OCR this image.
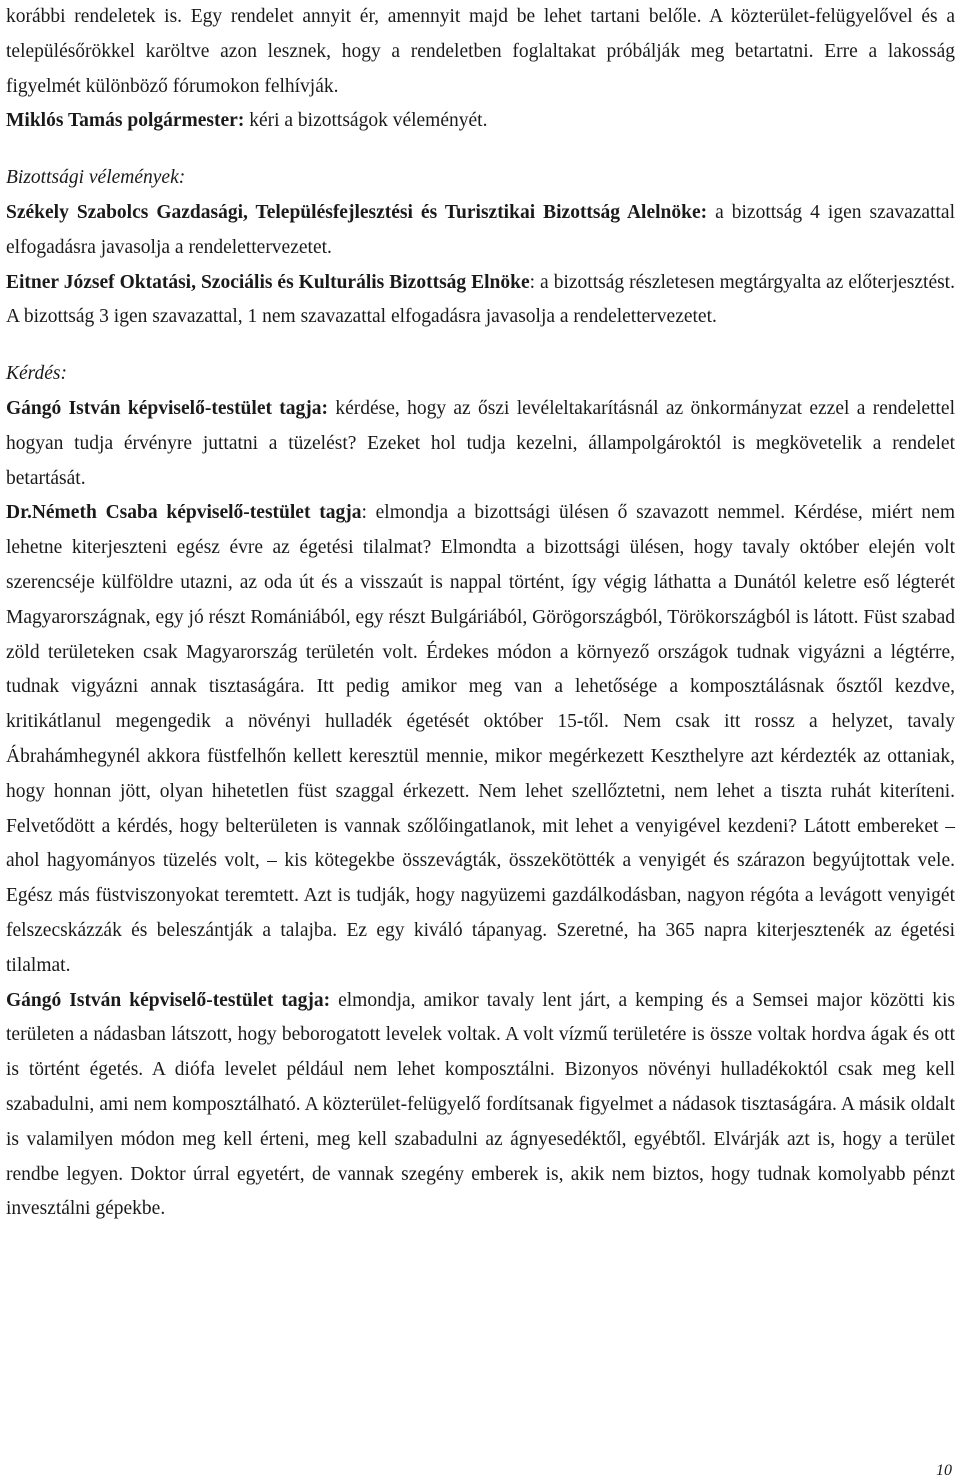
korábbi rendeletek is. Egy rendelet annyit ér, amennyit majd be lehet tartani belőle. A közterület-felügyelővel és a településőrökkel karöltve azon lesznek, hogy a rendeletben foglaltakat próbálják meg betartatni. Erre a lakosság figyelmét különböző fórumokon felhívják.

Miklós Tamás polgármester: kéri a bizottságok véleményét.

Bizottsági vélemények:

Székely Szabolcs Gazdasági, Településfejlesztési és Turisztikai Bizottság Alelnöke: a bizottság 4 igen szavazattal elfogadásra javasolja a rendelettervezetet.

Eitner József Oktatási, Szociális és Kulturális Bizottság Elnöke: a bizottság részletesen megtárgyalta az előterjesztést. A bizottság 3 igen szavazattal, 1 nem szavazattal elfogadásra javasolja a rendelettervezetet.

Kérdés:

Gángó István képviselő-testület tagja: kérdése, hogy az őszi levéleltakarításnál az önkormányzat ezzel a rendelettel hogyan tudja érvényre juttatni a tüzelést? Ezeket hol tudja kezelni, állampolgároktól is megkövetelik a rendelet betartását.

Dr.Németh Csaba képviselő-testület tagja: elmondja a bizottsági ülésen ő szavazott nemmel. Kérdése, miért nem lehetne kiterjeszteni egész évre az égetési tilalmat? Elmondta a bizottsági ülésen, hogy tavaly október elején volt szerencséje külföldre utazni, az oda út és a visszaút is nappal történt, így végig láthatta a Dunától keletre eső légterét Magyarországnak, egy jó részt Romániából, egy részt Bulgáriából, Görögországból, Törökországból is látott. Füst szabad zöld területeken csak Magyarország területén volt. Érdekes módon a környező országok tudnak vigyázni a légtérre, tudnak vigyázni annak tisztaságára. Itt pedig amikor meg van a lehetősége a komposztálásnak ősztől kezdve, kritikátlanul megengedik a növényi hulladék égetését október 15-től. Nem csak itt rossz a helyzet, tavaly Ábrahámhegynél akkora füstfelhőn kellett keresztül mennie, mikor megérkezett Keszthelyre azt kérdezték az ottaniak, hogy honnan jött, olyan hihetetlen füst szaggal érkezett. Nem lehet szellőztetni, nem lehet a tiszta ruhát kiteríteni. Felvetődött a kérdés, hogy belterületen is vannak szőlőingatlanok, mit lehet a venyigével kezdeni? Látott embereket – ahol hagyományos tüzelés volt, – kis kötegekbe összevágták, összekötötték a venyigét és szárazon begyújtottak vele. Egész más füstviszonyokat teremtett. Azt is tudják, hogy nagyüzemi gazdálkodásban, nagyon régóta a levágott venyigét felszecskázzák és beleszántják a talajba. Ez egy kiváló tápanyag. Szeretné, ha 365 napra kiterjesztenék az égetési tilalmat.

Gángó István képviselő-testület tagja: elmondja, amikor tavaly lent járt, a kemping és a Semsei major közötti kis területen a nádasban látszott, hogy beborogatott levelek voltak. A volt vízmű területére is össze voltak hordva ágak és ott is történt égetés. A diófa levelet például nem lehet komposztálni. Bizonyos növényi hulladékoktól csak meg kell szabadulni, ami nem komposztálható. A közterület-felügyelő fordítsanak figyelmet a nádasok tisztaságára. A másik oldalt is valamilyen módon meg kell érteni, meg kell szabadulni az ágnyesedéktől, egyébtől. Elvárják azt is, hogy a terület rendbe legyen. Doktor úrral egyetért, de vannak szegény emberek is, akik nem biztos, hogy tudnak komolyabb pénzt invesztálni gépekbe.

10
